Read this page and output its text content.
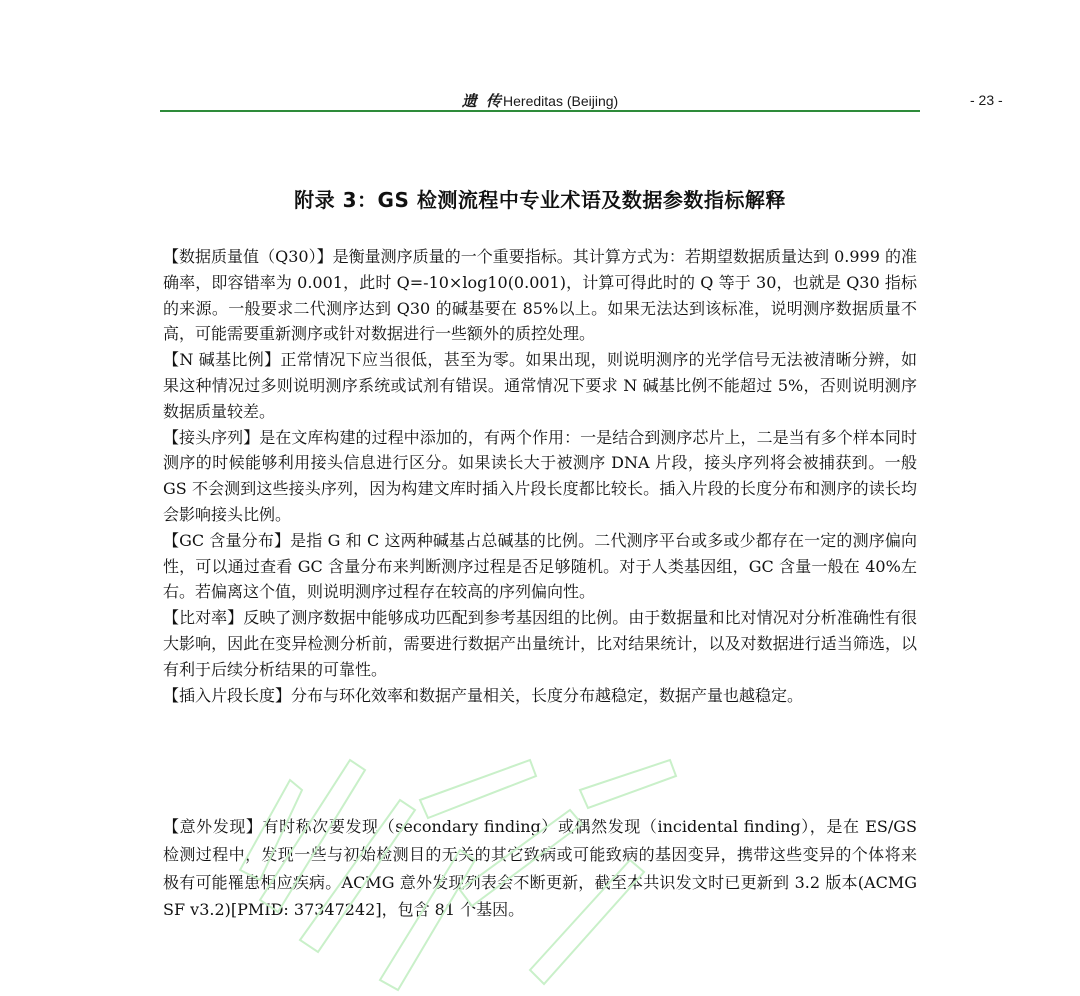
遗 传Hereditas (Beijing)	- 23 -
附录 3：GS 检测流程中专业术语及数据参数指标解释

【数据质量值（Q30）】是衡量测序质量的一个重要指标。其计算方式为：若期望数据质量达到 0.999 的准确率，即容错率为 0.001，此时 Q=-10×log10(0.001)，计算可得此时的 Q 等于 30，也就是 Q30 指标的来源。一般要求二代测序达到 Q30 的碱基要在 85%以上。如果无法达到该标准，说明测序数据质量不高，可能需要重新测序或针对数据进行一些额外的质控处理。

【N 碱基比例】正常情况下应当很低，甚至为零。如果出现，则说明测序的光学信号无法被清晰分辨，如果这种情况过多则说明测序系统或试剂有错误。通常情况下要求 N 碱基比例不能超过 5%，否则说明测序数据质量较差。

【接头序列】是在文库构建的过程中添加的，有两个作用：一是结合到测序芯片上，二是当有多个样本同时测序的时候能够利用接头信息进行区分。如果读长大于被测序 DNA 片段，接头序列将会被捕获到。一般 GS 不会测到这些接头序列，因为构建文库时插入片段长度都比较长。插入片段的长度分布和测序的读长均会影响接头比例。

【GC 含量分布】是指 G 和 C 这两种碱基占总碱基的比例。二代测序平台或多或少都存在一定的测序偏向性，可以通过查看 GC 含量分布来判断测序过程是否足够随机。对于人类基因组，GC 含量一般在 40%左右。若偏离这个值，则说明测序过程存在较高的序列偏向性。

【比对率】反映了测序数据中能够成功匹配到参考基因组的比例。由于数据量和比对情况对分析准确性有很大影响，因此在变异检测分析前，需要进行数据产出量统计，比对结果统计，以及对数据进行适当筛选，以有利于后续分析结果的可靠性。

【插入片段长度】分布与环化效率和数据产量相关，长度分布越稳定，数据产量也越稳定。

【意外发现】有时称次要发现（secondary finding）或偶然发现（incidental finding），是在 ES/GS 检测过程中，发现一些与初始检测目的无关的其它致病或可能致病的基因变异，携带这些变异的个体将来 极有可能罹患相应疾病。ACMG 意外发现列表会不断更新，截至本共识发文时已更新到 3.2 版本(ACMG SF v3.2)[PMID: 37347242]，包含 81 个基因。
